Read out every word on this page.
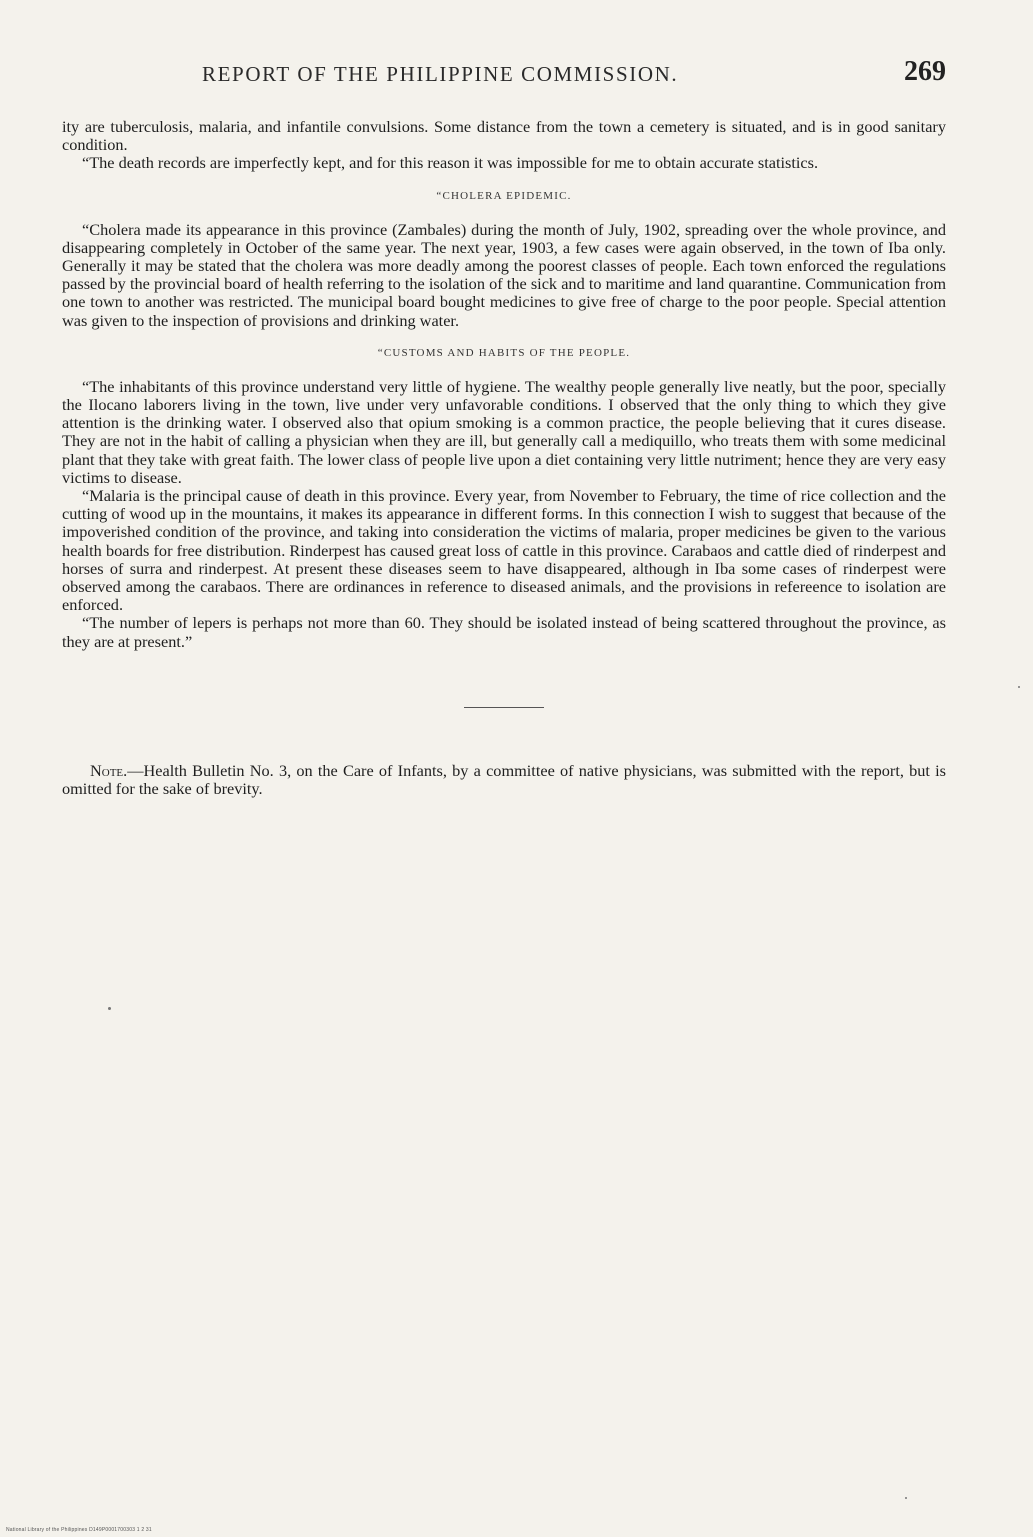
REPORT OF THE PHILIPPINE COMMISSION.	269

ity are tuberculosis, malaria, and infantile convulsions. Some distance from the town a cemetery is situated, and is in good sanitary condition.

“The death records are imperfectly kept, and for this reason it was impossible for me to obtain accurate statistics.

“CHOLERA EPIDEMIC.

“Cholera made its appearance in this province (Zambales) during the month of July, 1902, spreading over the whole province, and disappearing completely in October of the same year. The next year, 1903, a few cases were again observed, in the town of Iba only. Generally it may be stated that the cholera was more deadly among the poorest classes of people. Each town enforced the regulations passed by the provincial board of health referring to the isolation of the sick and to maritime and land quarantine. Communication from one town to another was restricted. The municipal board bought medicines to give free of charge to the poor people. Special attention was given to the inspection of provisions and drinking water.

“CUSTOMS AND HABITS OF THE PEOPLE.

“The inhabitants of this province understand very little of hygiene. The wealthy people generally live neatly, but the poor, specially the Ilocano laborers living in the town, live under very unfavorable conditions. I observed that the only thing to which they give attention is the drinking water. I observed also that opium smoking is a common practice, the people believing that it cures disease. They are not in the habit of calling a physician when they are ill, but generally call a mediquillo, who treats them with some medicinal plant that they take with great faith. The lower class of people live upon a diet containing very little nutriment; hence they are very easy victims to disease.

“Malaria is the principal cause of death in this province. Every year, from November to February, the time of rice collection and the cutting of wood up in the mountains, it makes its appearance in different forms. In this connection I wish to suggest that because of the impoverished condition of the province, and taking into consideration the victims of malaria, proper medicines be given to the various health boards for free distribution. Rinderpest has caused great loss of cattle in this province. Carabaos and cattle died of rinderpest and horses of surra and rinderpest. At present these diseases seem to have disappeared, although in Iba some cases of rinderpest were observed among the carabaos. There are ordinances in reference to diseased animals, and the provisions in refereence to isolation are enforced.

“The number of lepers is perhaps not more than 60. They should be isolated instead of being scattered throughout the province, as they are at present.”

Note.—Health Bulletin No. 3, on the Care of Infants, by a committee of native physicians, was submitted with the report, but is omitted for the sake of brevity.

National Library of the Philippines D149P0001700303 1 2 31
